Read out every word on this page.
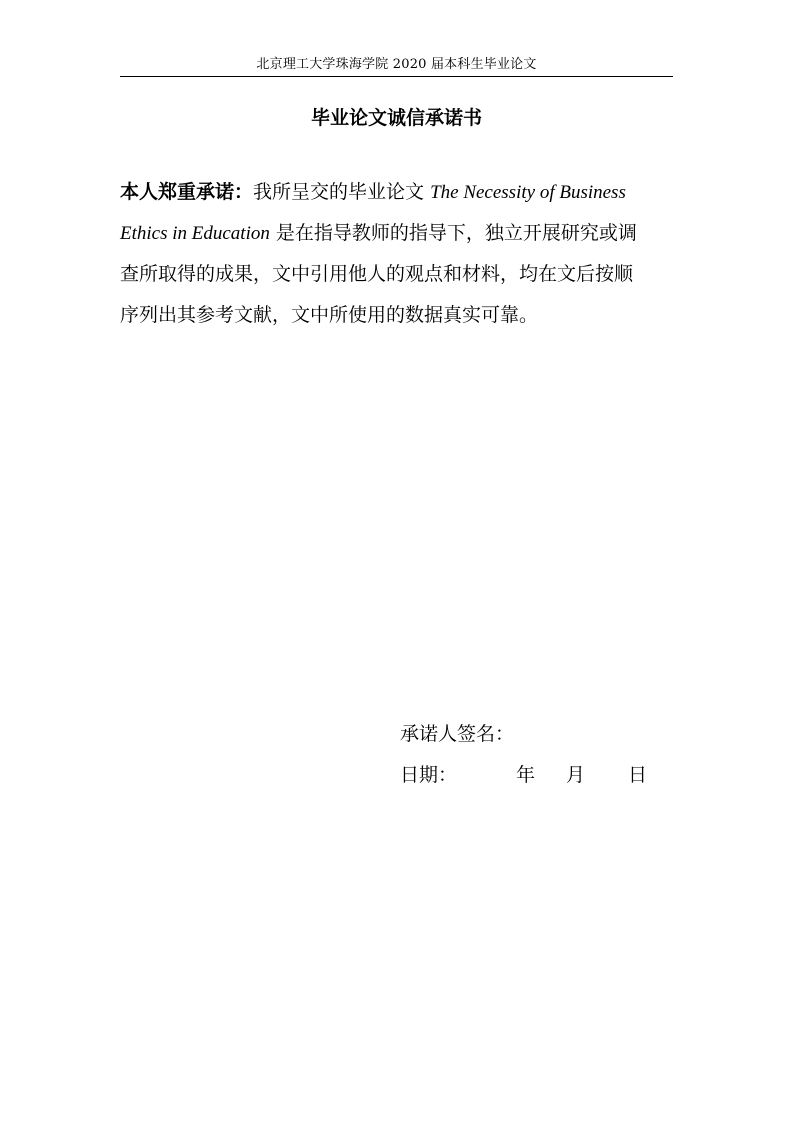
北京理工大学珠海学院 2020 届本科生毕业论文
毕业论文诚信承诺书
本人郑重承诺：我所呈交的毕业论文 The Necessity of Business Ethics in Education 是在指导教师的指导下，独立开展研究或调查所取得的成果，文中引用他人的观点和材料，均在文后按顺序列出其参考文献，文中所使用的数据真实可靠。
承诺人签名：
日期：	年	月	日
